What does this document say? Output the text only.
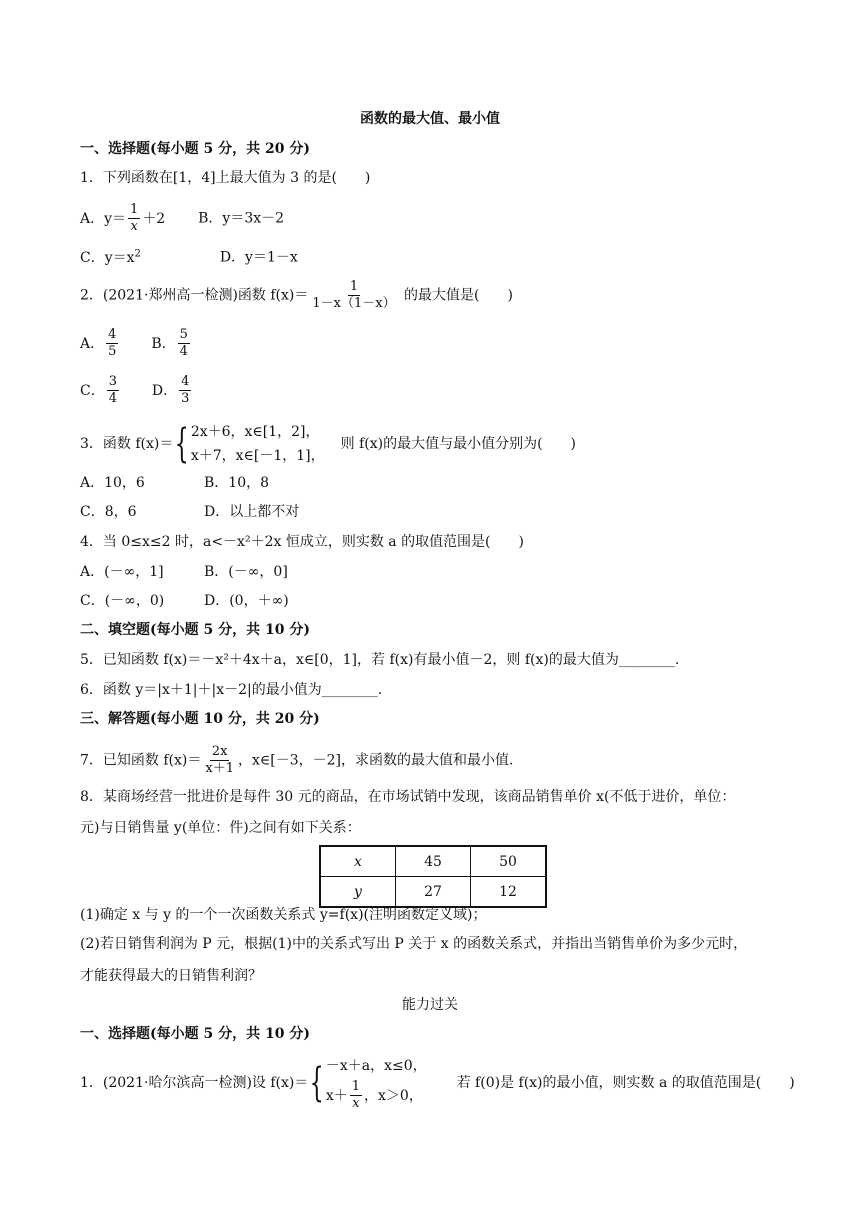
函数的最大值、最小值
一、选择题(每小题 5 分，共 20 分)
1．下列函数在[1，4]上最大值为 3 的是(　　)
A．$y= \frac{1}{x} +2$ B．y＝3x－2
C．$y=x^2$	D．y＝1－x
2．(2021·郑州高一检测)函数 $f(x)= \frac{1}{1-x(1-x)}$ 的最大值是(　　)
A． $\frac{4}{5}$ B． $\frac{5}{4}$
C． $\frac{3}{4}$ D． $\frac{4}{3}$
3．函数 f(x)＝ { 2x＋6，x∈[1，2]，
x＋7，x∈[－1，1]，
则 f(x)的最大值与最小值分别为(　　)
A．10，6	B．10，8
C．8，6	D．以上都不对
4．当 0≤x≤2 时，a<－x²＋2x 恒成立，则实数 a 的取值范围是(　　)
A．(－∞，1]	B．(－∞，0]
C．(－∞，0)	D．(0，＋∞)
二、填空题(每小题 5 分，共 10 分)
5．已知函数 f(x)＝－x²＋4x＋a，x∈[0，1]，若 f(x)有最小值－2，则 f(x)的最大值为________.
6．函数 y＝|x＋1|＋|x－2|的最小值为________.
三、解答题(每小题 10 分，共 20 分)
7．已知函数 $f(x)= \frac{2x}{x+1}$ ，x∈[－3，－2]，求函数的最大值和最小值.
8．某商场经营一批进价是每件 30 元的商品，在市场试销中发现，该商品销售单价 x(不低于进价，单位：
元)与日销售量 y(单位：件)之间有如下关系：
x	45	50
y	27	12
(1)确定 x 与 y 的一个一次函数关系式 y=f(x)(注明函数定义域)；
(2)若日销售利润为 P 元，根据(1)中的关系式写出 P 关于 x 的函数关系式，并指出当销售单价为多少元时，
才能获得最大的日销售利润？
能力过关
一、选择题(每小题 5 分，共 10 分)
1．(2021·哈尔滨高一检测)设 f(x)＝ { －x＋a，x≤0，
$x+ \frac{1}{x}$ ，x＞0，
若 f(0)是 f(x)的最小值，则实数 a 的取值范围是(　　)
